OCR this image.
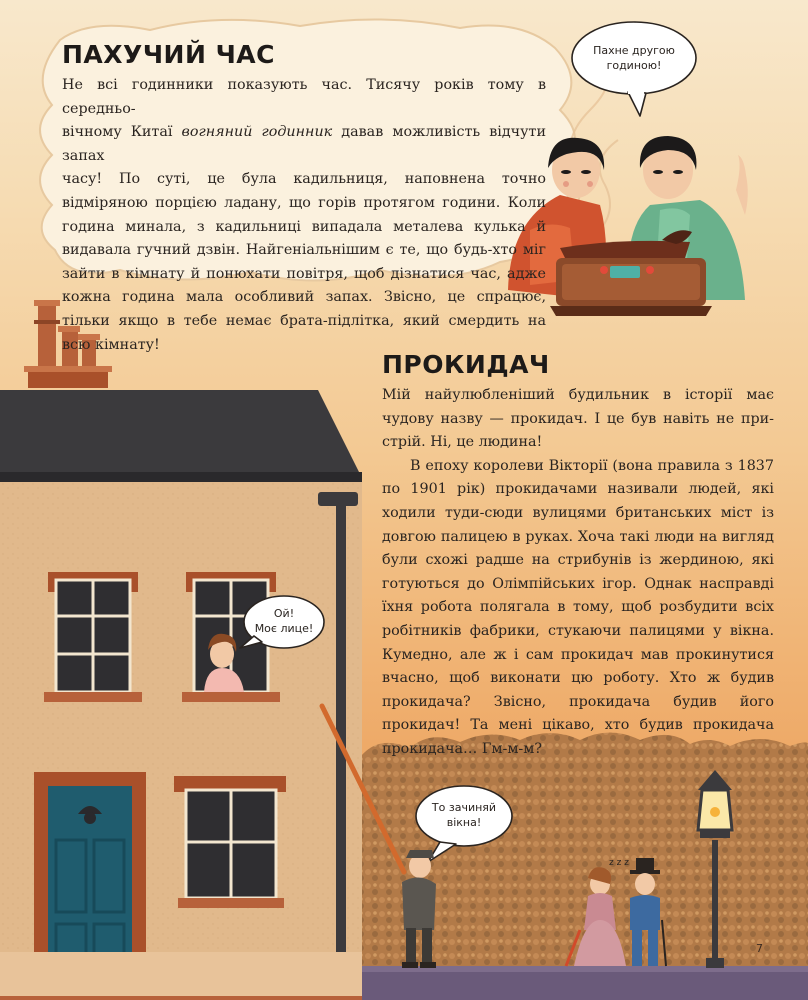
ПАХУЧИЙ ЧАС

Не всі годинники показують час. Тисячу років тому в середньо-

вічному Китаї вогняний годинник давав можливість відчути запах

часу! По суті, це була кадильниця, наповнена точно відміряною порцією ладану, що горів протягом години. Коли година минала, з кадильниці випадала металева кулька й видавала гучний дзвін. Найгеніальнішим є те, що будь-хто міг зайти в кімнату й понюхати повітря, щоб дізнатися час, адже кожна година мала особливий запах. Звісно, це спрацює, тільки якщо в тебе немає брата-підлітка, який смердить на всю кімнату!

Пахне другою
годиною!
ПРОКИДАЧ

Мій найулюбленіший будильник в історії має чудову назву — прокидач. І це був навіть не пристрій. Ні, це людина!

В епоху королеви Вікторії (вона правила з 1837 по 1901 рік) прокидачами називали людей, які ходили туди-сюди вулицями британських міст із довгою палицею в руках. Хоча такі люди на вигляд були схожі радше на стрибунів із жердиною, які готуються до Олімпійських ігор. Однак насправді їхня робота полягала в тому, щоб розбудити всіх робітників фабрики, стукаючи палицями у вікна. Кумедно, але ж і сам прокидач мав прокинутися вчасно, щоб виконати цю роботу. Хто ж будив прокидача? Звісно, прокидача будив його прокидач! Та мені цікаво, хто будив прокидача прокидача… Гм-м-м?

Ой!
Моє лице!
То зачиняй
вікна!
z z z
7
